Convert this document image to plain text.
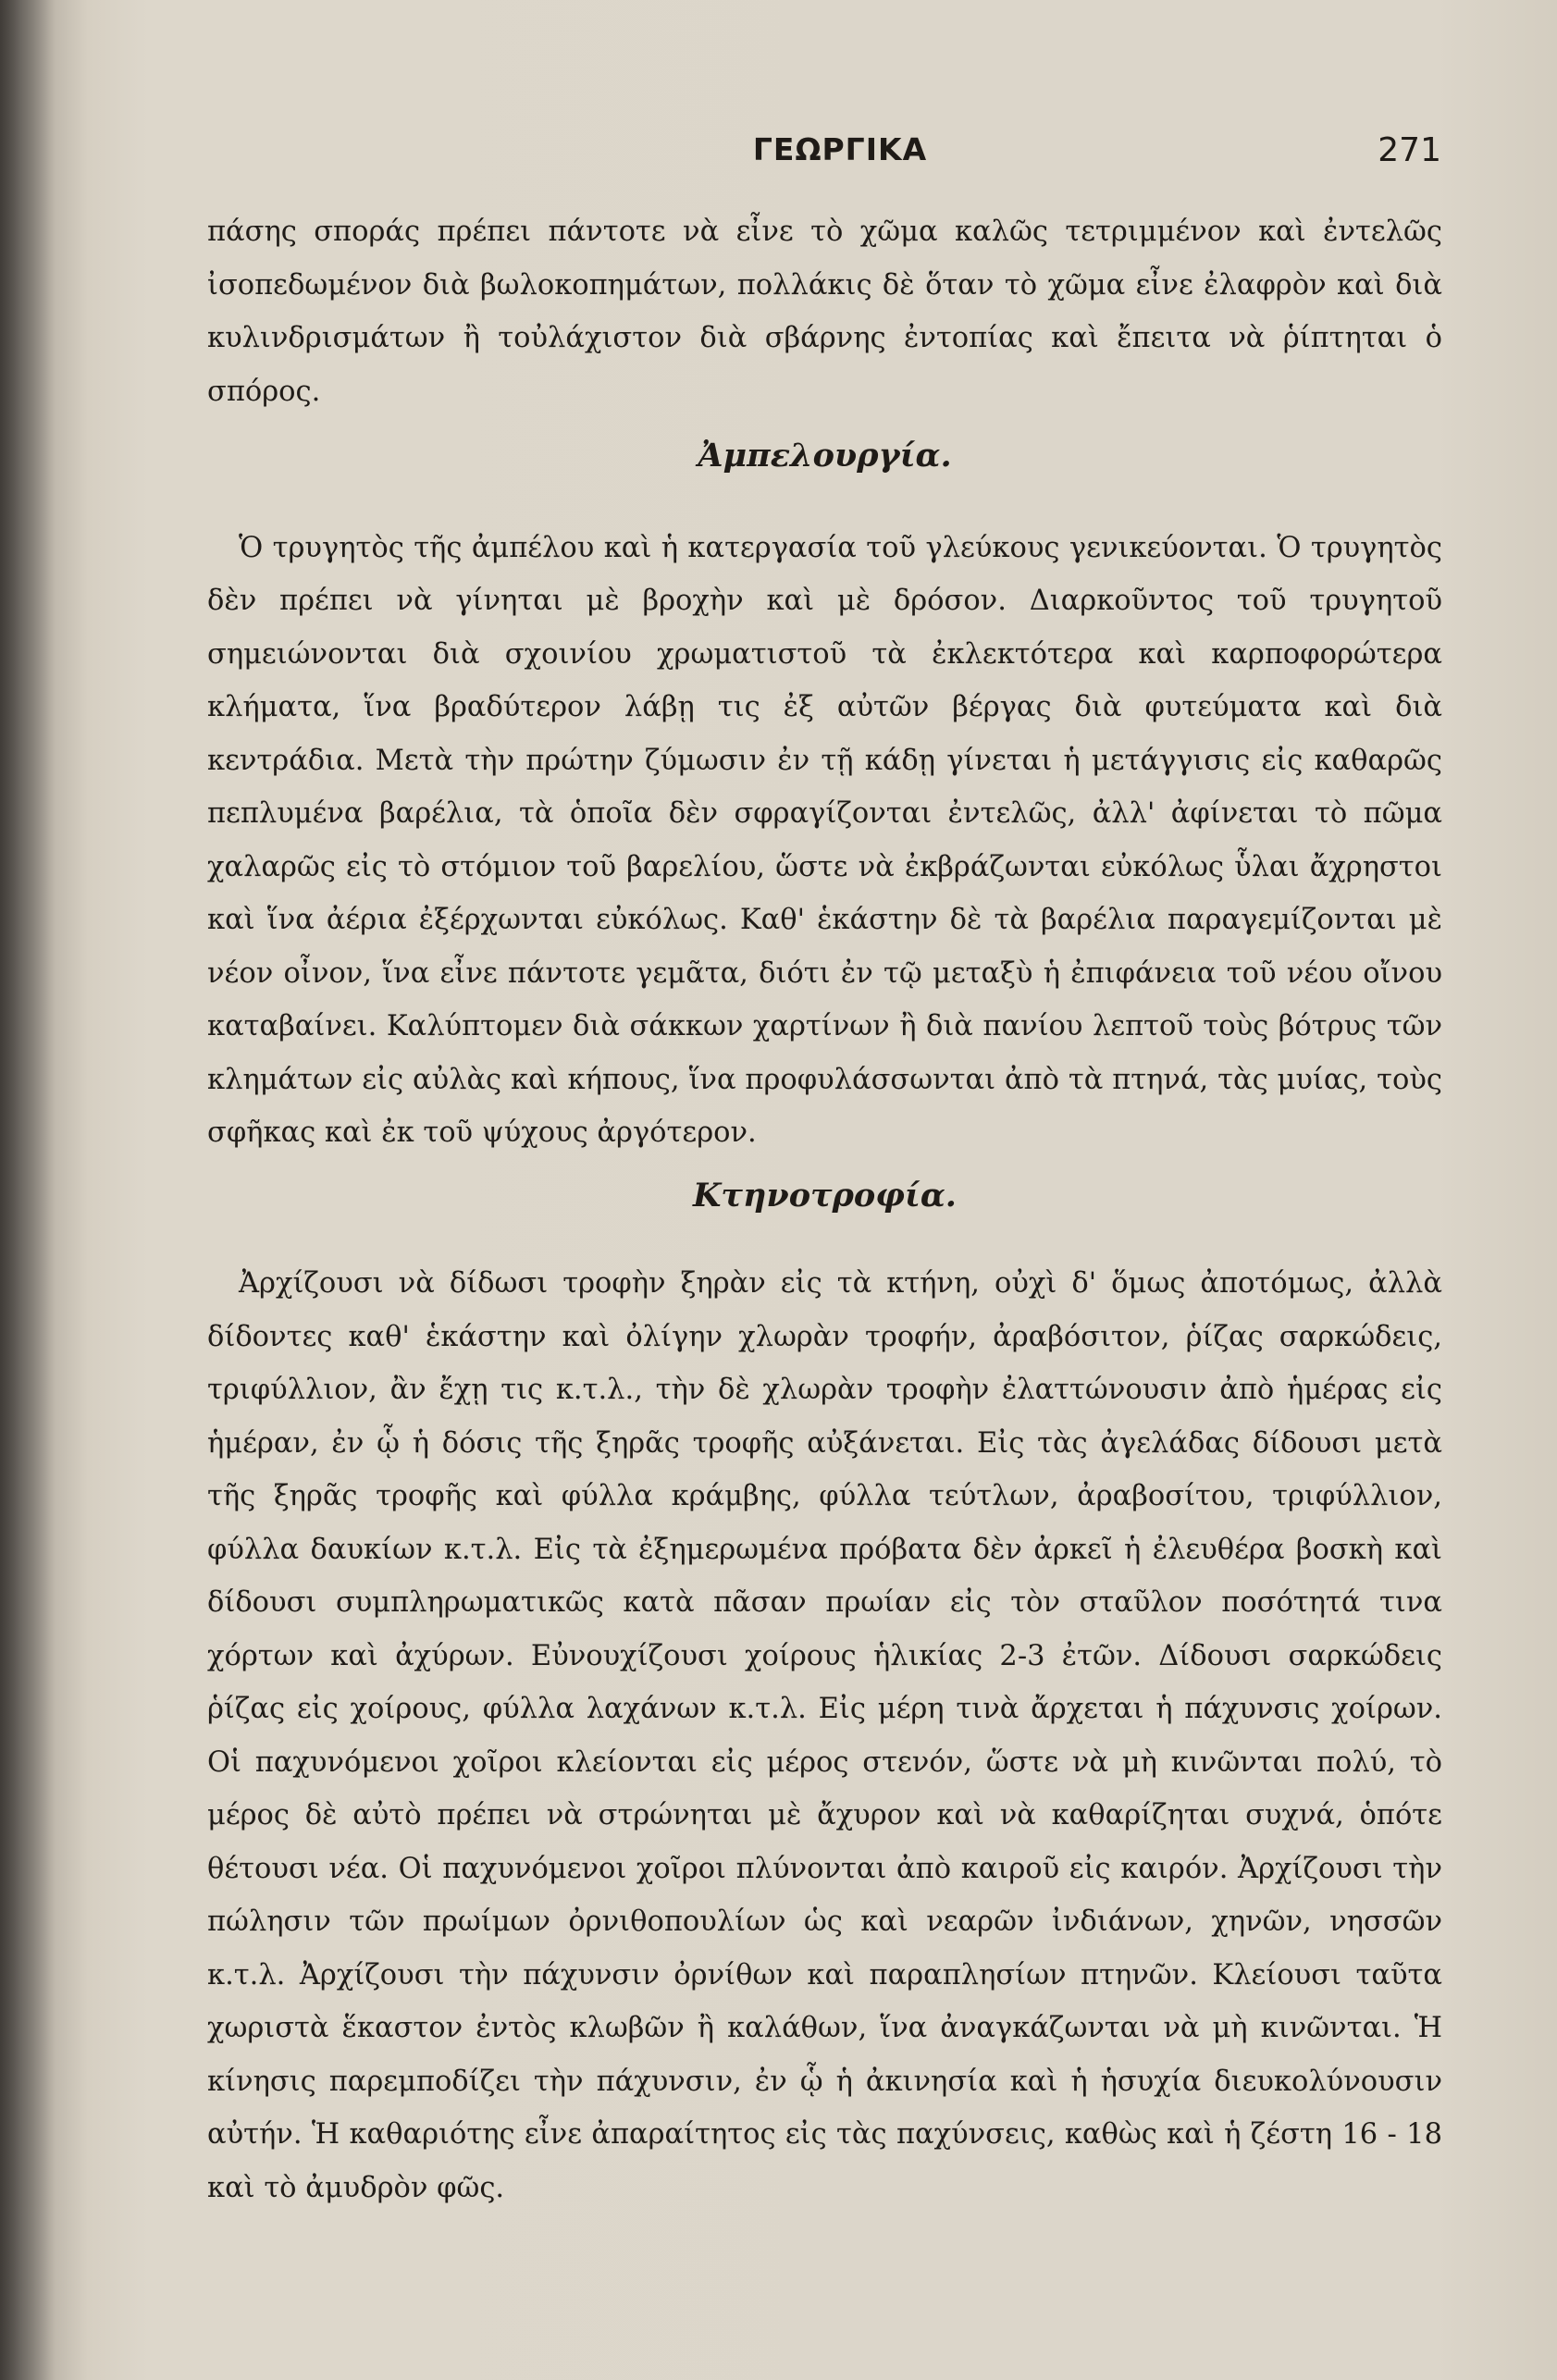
ΓΕΩΡΓΙΚΑ	271

πάσης σποράς πρέπει πάντοτε νὰ εἶνε τὸ χῶμα καλῶς τετριμμένον καὶ ἐντελῶς ἰσοπεδωμένον διὰ βωλοκοπημάτων, πολλάκις δὲ ὅταν τὸ χῶμα εἶνε ἐλαφρὸν καὶ διὰ κυλινδρισμάτων ἢ τοὐλάχιστον διὰ σβάρνης ἐντοπίας καὶ ἔπειτα νὰ ῥίπτηται ὁ σπόρος.

Ἀμπελουργία.

Ὁ τρυγητὸς τῆς ἀμπέλου καὶ ἡ κατεργασία τοῦ γλεύκους γενικεύονται. Ὁ τρυγητὸς δὲν πρέπει νὰ γίνηται μὲ βροχὴν καὶ μὲ δρόσον. Διαρκοῦντος τοῦ τρυγητοῦ σημειώνονται διὰ σχοινίου χρωματιστοῦ τὰ ἐκλεκτότερα καὶ καρποφορώτερα κλήματα, ἵνα βραδύτερον λάβῃ τις ἐξ αὐτῶν βέργας διὰ φυτεύματα καὶ διὰ κεντράδια. Μετὰ τὴν πρώτην ζύμωσιν ἐν τῇ κάδῃ γίνεται ἡ μετάγγισις εἰς καθαρῶς πεπλυμένα βαρέλια, τὰ ὁποῖα δὲν σφραγίζονται ἐντελῶς, ἀλλ' ἀφίνεται τὸ πῶμα χαλαρῶς εἰς τὸ στόμιον τοῦ βαρελίου, ὥστε νὰ ἐκβράζωνται εὐκόλως ὗλαι ἄχρηστοι καὶ ἵνα ἀέρια ἐξέρχωνται εὐκόλως. Καθ' ἑκάστην δὲ τὰ βαρέλια παραγεμίζονται μὲ νέον οἶνον, ἵνα εἶνε πάντοτε γεμᾶτα, διότι ἐν τῷ μεταξὺ ἡ ἐπιφάνεια τοῦ νέου οἴνου καταβαίνει. Καλύπτομεν διὰ σάκκων χαρτίνων ἢ διὰ πανίου λεπτοῦ τοὺς βότρυς τῶν κλημάτων εἰς αὐλὰς καὶ κήπους, ἵνα προφυλάσσωνται ἀπὸ τὰ πτηνά, τὰς μυίας, τοὺς σφῆκας καὶ ἐκ τοῦ ψύχους ἀργότερον.

Κτηνοτροφία.

Ἀρχίζουσι νὰ δίδωσι τροφὴν ξηρὰν εἰς τὰ κτήνη, οὐχὶ δ' ὅμως ἀποτόμως, ἀλλὰ δίδοντες καθ' ἑκάστην καὶ ὀλίγην χλωρὰν τροφήν, ἀραβόσιτον, ῥίζας σαρκώδεις, τριφύλλιον, ἂν ἔχῃ τις κ.τ.λ., τὴν δὲ χλωρὰν τροφὴν ἐλαττώνουσιν ἀπὸ ἡμέρας εἰς ἡμέραν, ἐν ᾧ ἡ δόσις τῆς ξηρᾶς τροφῆς αὐξάνεται. Εἰς τὰς ἀγελάδας δίδουσι μετὰ τῆς ξηρᾶς τροφῆς καὶ φύλλα κράμβης, φύλλα τεύτλων, ἀραβοσίτου, τριφύλλιον, φύλλα δαυκίων κ.τ.λ. Εἰς τὰ ἐξημερωμένα πρόβατα δὲν ἀρκεῖ ἡ ἐλευθέρα βοσκὴ καὶ δίδουσι συμπληρωματικῶς κατὰ πᾶσαν πρωίαν εἰς τὸν σταῦλον ποσότητά τινα χόρτων καὶ ἀχύρων. Εὐνουχίζουσι χοίρους ἡλικίας 2-3 ἐτῶν. Δίδουσι σαρκώδεις ῥίζας εἰς χοίρους, φύλλα λαχάνων κ.τ.λ. Εἰς μέρη τινὰ ἄρχεται ἡ πάχυνσις χοίρων. Οἱ παχυνόμενοι χοῖροι κλείονται εἰς μέρος στενόν, ὥστε νὰ μὴ κινῶνται πολύ, τὸ μέρος δὲ αὐτὸ πρέπει νὰ στρώνηται μὲ ἄχυρον καὶ νὰ καθαρίζηται συχνά, ὁπότε θέτουσι νέα. Οἱ παχυνόμενοι χοῖροι πλύνονται ἀπὸ καιροῦ εἰς καιρόν. Ἀρχίζουσι τὴν πώλησιν τῶν πρωίμων ὀρνιθοπουλίων ὡς καὶ νεαρῶν ἰνδιάνων, χηνῶν, νησσῶν κ.τ.λ. Ἀρχίζουσι τὴν πάχυνσιν ὀρνίθων καὶ παραπλησίων πτηνῶν. Κλείουσι ταῦτα χωριστὰ ἕκαστον ἐντὸς κλωβῶν ἢ καλάθων, ἵνα ἀναγκάζωνται νὰ μὴ κινῶνται. Ἡ κίνησις παρεμποδίζει τὴν πάχυνσιν, ἐν ᾧ ἡ ἀκινησία καὶ ἡ ἡσυχία διευκολύνουσιν αὐτήν. Ἡ καθαριότης εἶνε ἀπαραίτητος εἰς τὰς παχύνσεις, καθὼς καὶ ἡ ζέστη 16 - 18 καὶ τὸ ἀμυδρὸν φῶς.
